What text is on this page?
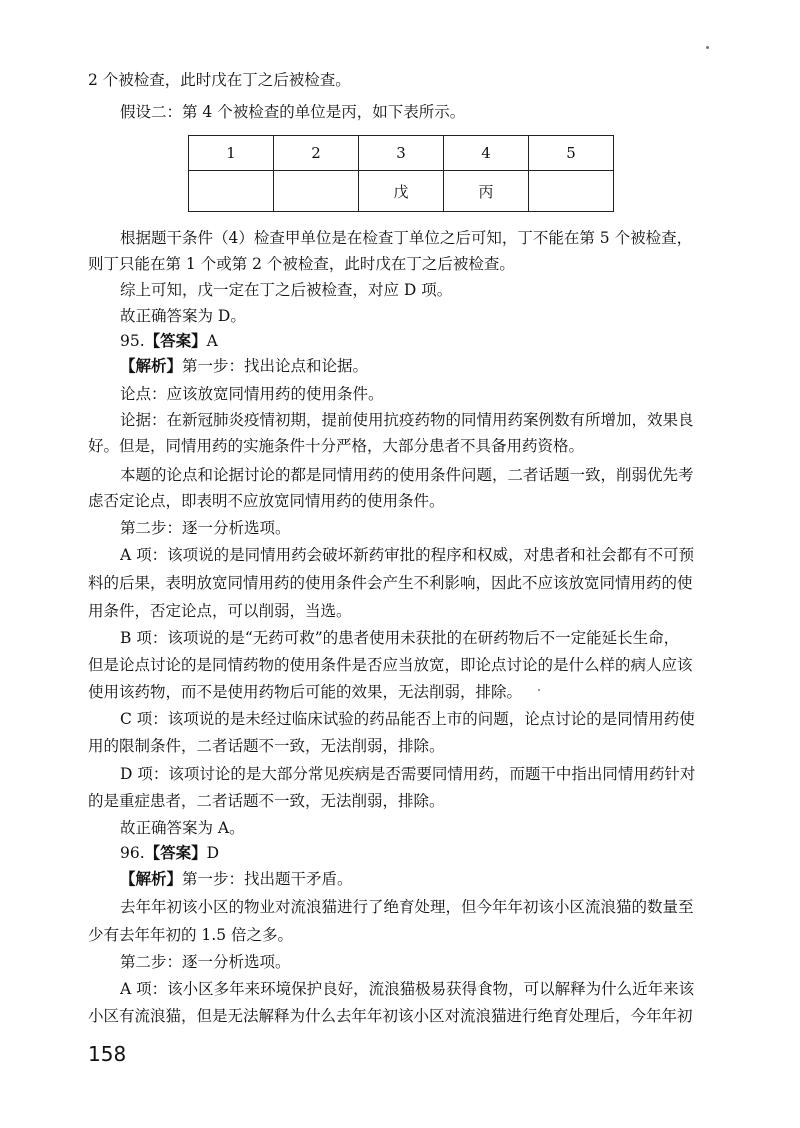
2 个被检查，此时戊在丁之后被检查。
假设二：第 4 个被检查的单位是丙，如下表所示。
1	2	3	4	5
		戊	丙	
根据题干条件（4）检查甲单位是在检查丁单位之后可知，丁不能在第 5 个被检查，
则丁只能在第 1 个或第 2 个被检查，此时戊在丁之后被检查。
综上可知，戊一定在丁之后被检查，对应 D 项。
故正确答案为 D。
95.【答案】A
【解析】第一步：找出论点和论据。
论点：应该放宽同情用药的使用条件。
论据：在新冠肺炎疫情初期，提前使用抗疫药物的同情用药案例数有所增加，效果良
好。但是，同情用药的实施条件十分严格，大部分患者不具备用药资格。
本题的论点和论据讨论的都是同情用药的使用条件问题，二者话题一致，削弱优先考
虑否定论点，即表明不应放宽同情用药的使用条件。
第二步：逐一分析选项。
A 项：该项说的是同情用药会破坏新药审批的程序和权威，对患者和社会都有不可预
料的后果，表明放宽同情用药的使用条件会产生不利影响，因此不应该放宽同情用药的使
用条件，否定论点，可以削弱，当选。
B 项：该项说的是“无药可救”的患者使用未获批的在研药物后不一定能延长生命，
但是论点讨论的是同情药物的使用条件是否应当放宽，即论点讨论的是什么样的病人应该
使用该药物，而不是使用药物后可能的效果，无法削弱，排除。
C 项：该项说的是未经过临床试验的药品能否上市的问题，论点讨论的是同情用药使
用的限制条件，二者话题不一致，无法削弱，排除。
D 项：该项讨论的是大部分常见疾病是否需要同情用药，而题干中指出同情用药针对
的是重症患者，二者话题不一致，无法削弱，排除。
故正确答案为 A。
96.【答案】D
【解析】第一步：找出题干矛盾。
去年年初该小区的物业对流浪猫进行了绝育处理，但今年年初该小区流浪猫的数量至
少有去年年初的 1.5 倍之多。
第二步：逐一分析选项。
A 项：该小区多年来环境保护良好，流浪猫极易获得食物，可以解释为什么近年来该
小区有流浪猫，但是无法解释为什么去年年初该小区对流浪猫进行绝育处理后，今年年初
158
